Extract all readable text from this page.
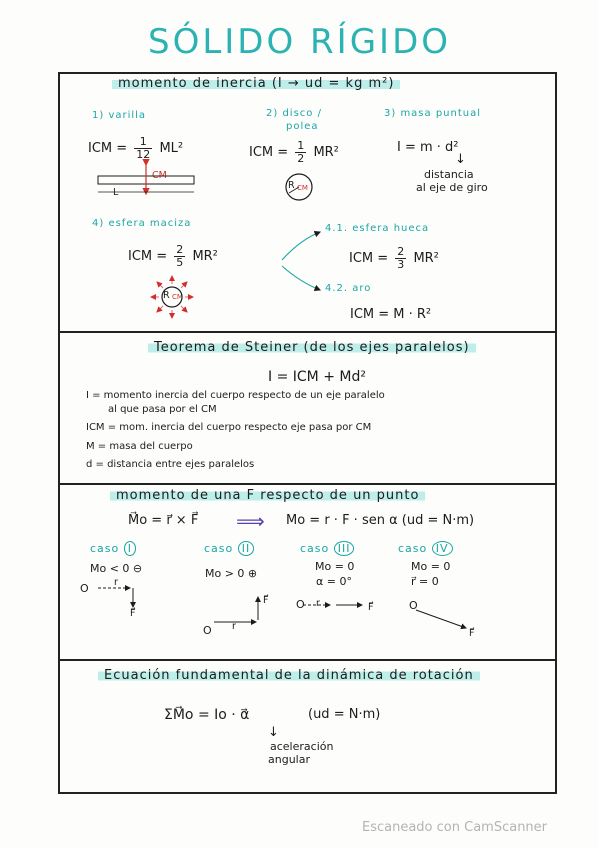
SÓLIDO RÍGIDO
momento de inercia (I → ud = kg m²)
1) varilla
ICM = $\frac{1}{12} ML^2$
CM
L
2) disco /
polea
ICM = $\frac{1}{2} MR^2$
R CM
3) masa puntual
I = m · d²
↓
distancia
al eje de giro
4) esfera maciza
ICM = $\frac{2}{5} MR^2$
R CM
4.1. esfera hueca
ICM = $\frac{2}{3} MR^2$
4.2. aro
ICM = M · R²
Teorema de Steiner (de los ejes paralelos)
I = ICM + Md²
I = momento inercia del cuerpo respecto de un eje paralelo
al que pasa por el CM
ICM = mom. inercia del cuerpo respecto eje pasa por CM
M = masa del cuerpo
d = distancia entre ejes paralelos
momento de una F respecto de un punto
M⃗o = r⃗ × F⃗ ⟹ Mo = r · F · sen α (ud = N·m)
caso I	caso II	caso III	caso IV
Mo < 0 ⊖	Mo > 0 ⊕
Mo = 0
α = 0°
Mo = 0
r⃗ = 0
O	r
F⃗
O r
F⃗	O r	F⃗	O
F⃗
Ecuación fundamental de la dinámica de rotación
ΣM⃗o = Io · α⃗	(ud = N·m)
↓
aceleración
angular
Escaneado con CamScanner
